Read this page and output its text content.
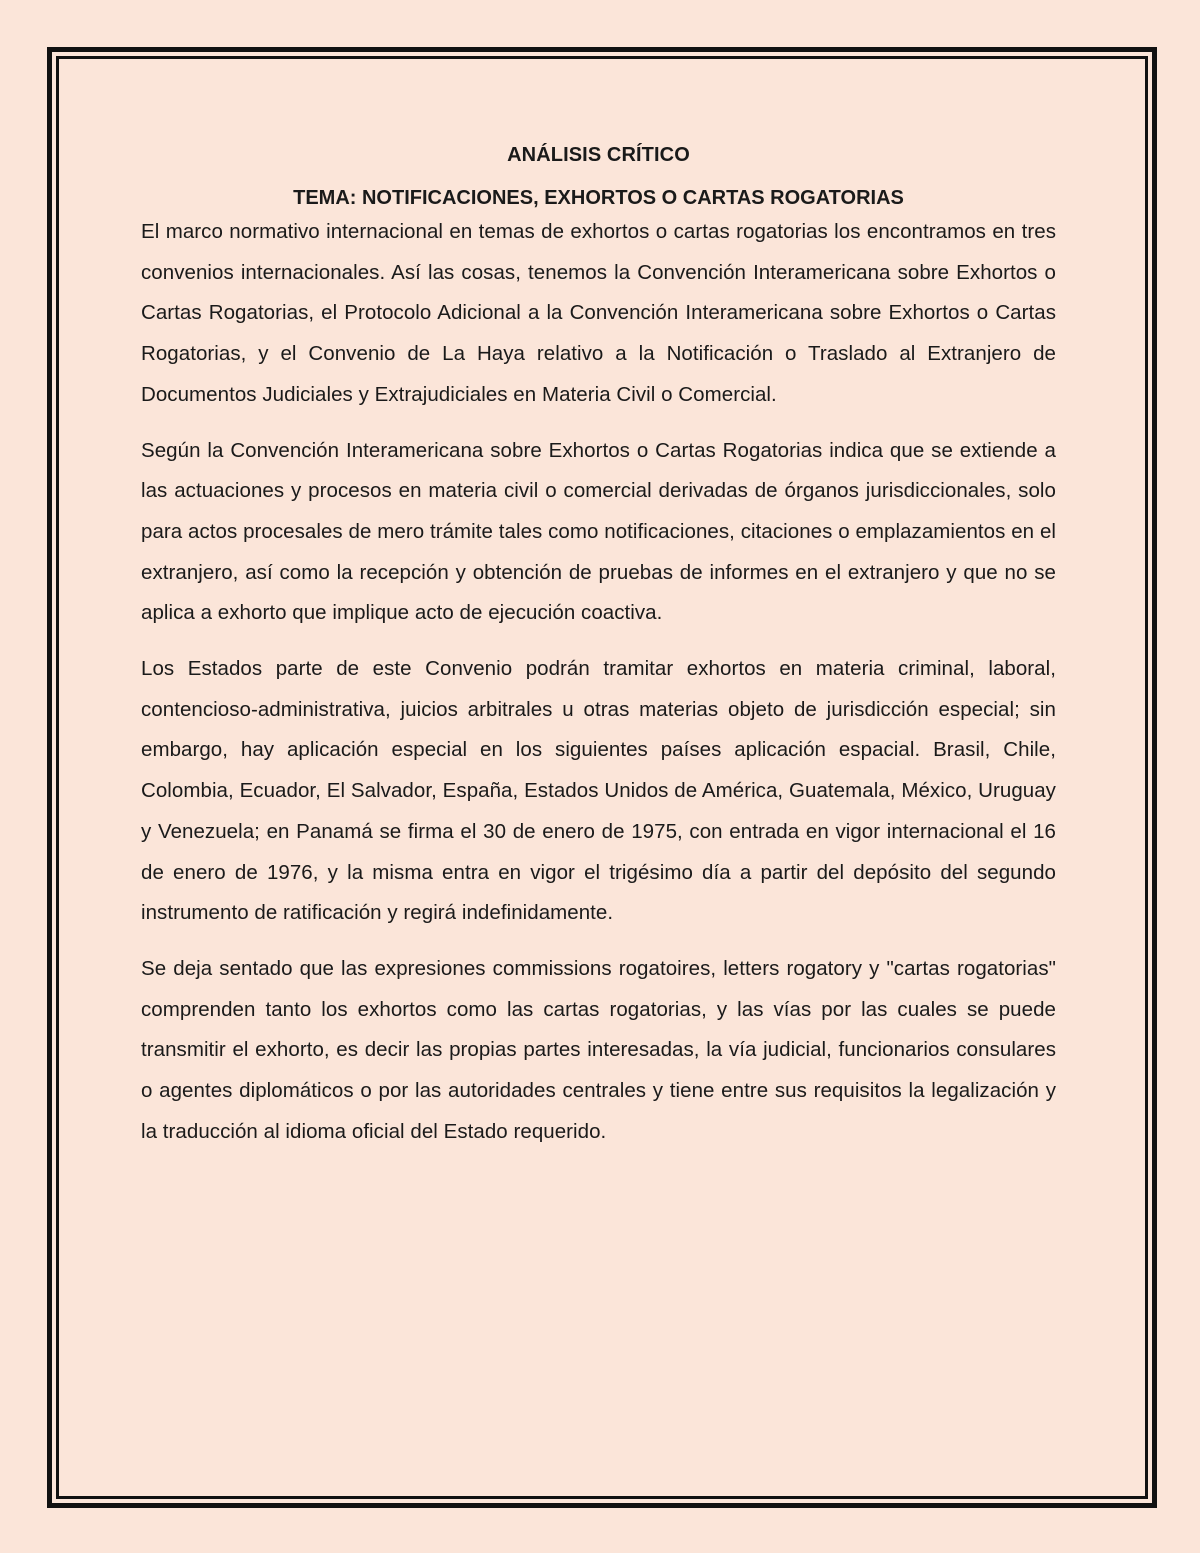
ANÁLISIS CRÍTICO
TEMA: NOTIFICACIONES, EXHORTOS O CARTAS ROGATORIAS

El marco normativo internacional en temas de exhortos o cartas rogatorias los encontramos en tres convenios internacionales. Así las cosas, tenemos la Convención Interamericana sobre Exhortos o Cartas Rogatorias, el Protocolo Adicional a la Convención Interamericana sobre Exhortos o Cartas Rogatorias, y el Convenio de La Haya relativo a la Notificación o Traslado al Extranjero de Documentos Judiciales y Extrajudiciales en Materia Civil o Comercial.

Según la Convención Interamericana sobre Exhortos o Cartas Rogatorias indica que se extiende a las actuaciones y procesos en materia civil o comercial derivadas de órganos jurisdiccionales, solo para actos procesales de mero trámite tales como notificaciones, citaciones o emplazamientos en el extranjero, así como la recepción y obtención de pruebas de informes en el extranjero y que no se aplica a exhorto que implique acto de ejecución coactiva.

Los Estados parte de este Convenio podrán tramitar exhortos en materia criminal, laboral, contencioso-administrativa, juicios arbitrales u otras materias objeto de jurisdicción especial; sin embargo, hay aplicación especial en los siguientes países aplicación espacial. Brasil, Chile, Colombia, Ecuador, El Salvador, España, Estados Unidos de América, Guatemala, México, Uruguay y Venezuela; en Panamá se firma el 30 de enero de 1975, con entrada en vigor internacional el 16 de enero de 1976, y la misma entra en vigor el trigésimo día a partir del depósito del segundo instrumento de ratificación y regirá indefinidamente.

Se deja sentado que las expresiones commissions rogatoires, letters rogatory y "cartas rogatorias" comprenden tanto los exhortos como las cartas rogatorias, y las vías por las cuales se puede transmitir el exhorto, es decir las propias partes interesadas, la vía judicial, funcionarios consulares o agentes diplomáticos o por las autoridades centrales y tiene entre sus requisitos la legalización y la traducción al idioma oficial del Estado requerido.
